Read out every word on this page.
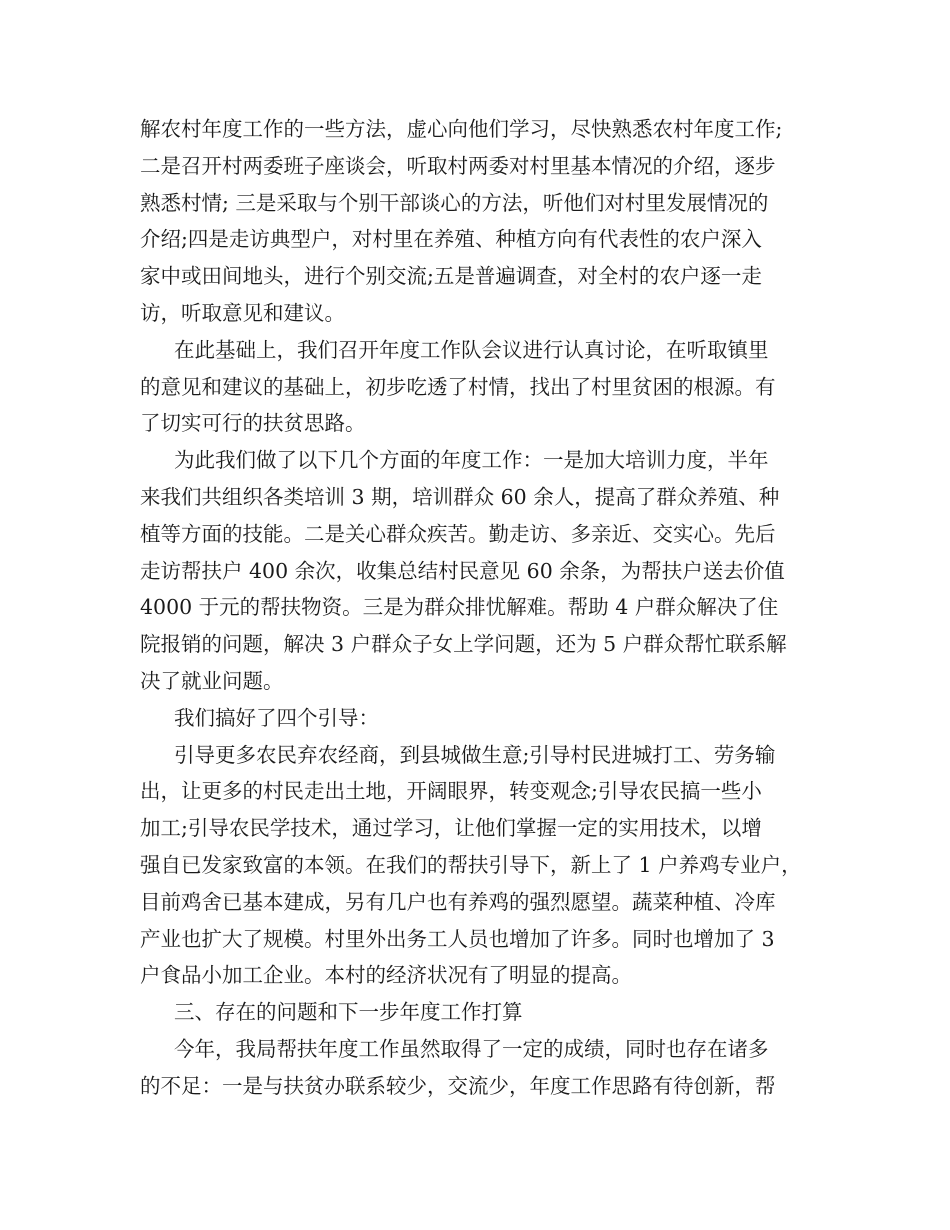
解农村年度工作的一些方法，虚心向他们学习，尽快熟悉农村年度工作;
二是召开村两委班子座谈会，听取村两委对村里基本情况的介绍，逐步
熟悉村情; 三是采取与个别干部谈心的方法，听他们对村里发展情况的
介绍;四是走访典型户，对村里在养殖、种植方向有代表性的农户深入
家中或田间地头，进行个别交流;五是普遍调查，对全村的农户逐一走
访，听取意见和建议。
在此基础上，我们召开年度工作队会议进行认真讨论，在听取镇里
的意见和建议的基础上，初步吃透了村情，找出了村里贫困的根源。有
了切实可行的扶贫思路。
为此我们做了以下几个方面的年度工作：一是加大培训力度，半年
来我们共组织各类培训 3 期，培训群众 60 余人，提高了群众养殖、种
植等方面的技能。二是关心群众疾苦。勤走访、多亲近、交实心。先后
走访帮扶户 400 余次，收集总结村民意见 60 余条，为帮扶户送去价值
4000 于元的帮扶物资。三是为群众排忧解难。帮助 4 户群众解决了住
院报销的问题，解决 3 户群众子女上学问题，还为 5 户群众帮忙联系解
决了就业问题。
我们搞好了四个引导：
引导更多农民弃农经商，到县城做生意;引导村民进城打工、劳务输
出，让更多的村民走出土地，开阔眼界，转变观念;引导农民搞一些小
加工;引导农民学技术，通过学习，让他们掌握一定的实用技术，以增
强自已发家致富的本领。在我们的帮扶引导下，新上了 1 户养鸡专业户，
目前鸡舍已基本建成，另有几户也有养鸡的强烈愿望。蔬菜种植、冷库
产业也扩大了规模。村里外出务工人员也增加了许多。同时也增加了 3
户食品小加工企业。本村的经济状况有了明显的提高。
三、存在的问题和下一步年度工作打算
今年，我局帮扶年度工作虽然取得了一定的成绩，同时也存在诸多
的不足：一是与扶贫办联系较少，交流少，年度工作思路有待创新，帮
